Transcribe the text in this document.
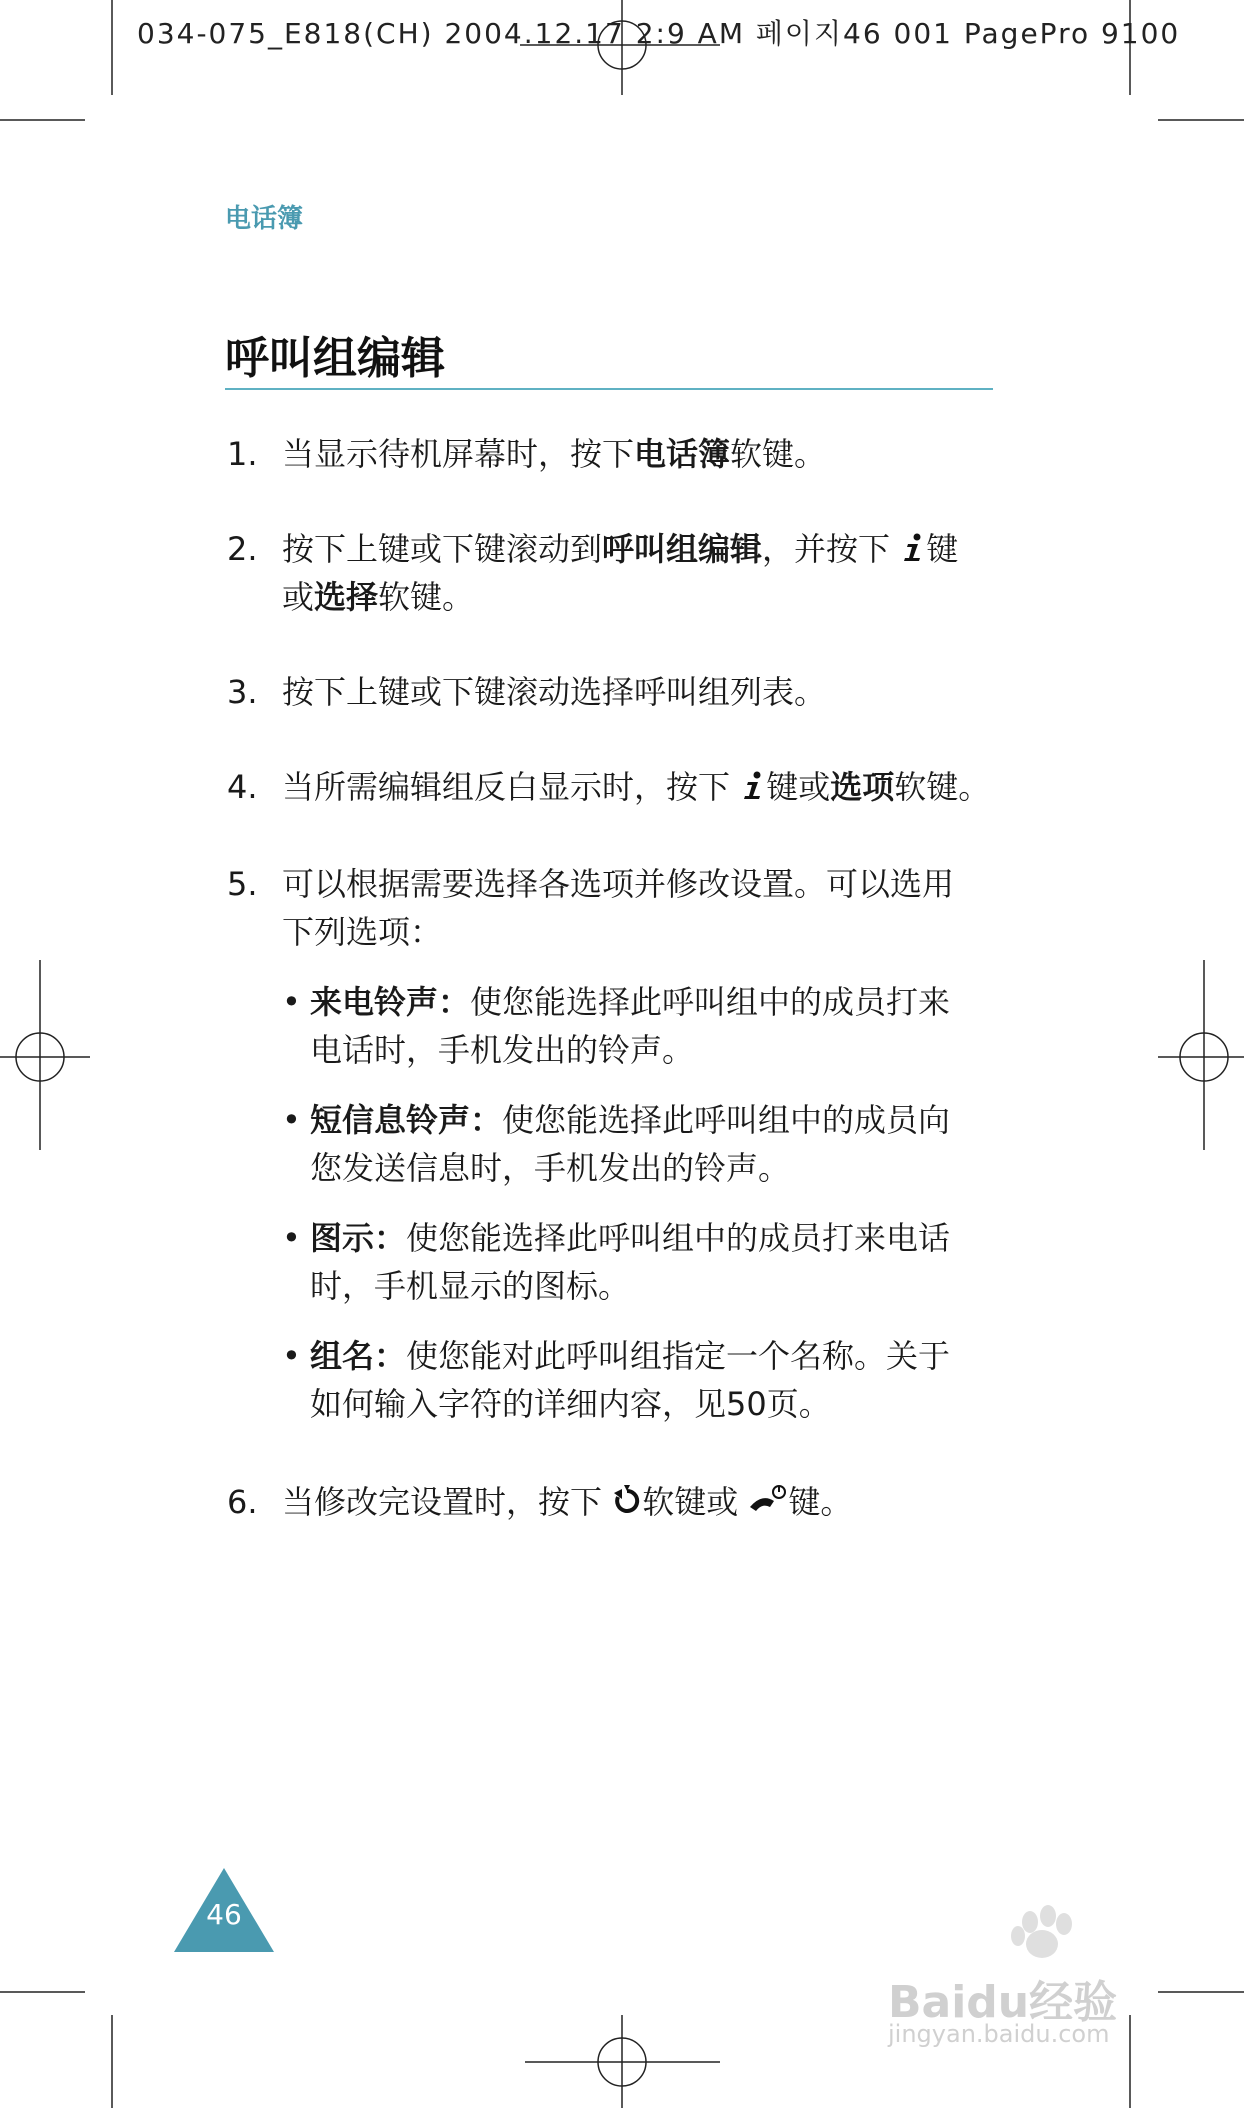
034-075_E818(CH) 2004.12.17 2:9 AM 페이지46 001 PagePro 9100
电话簿
呼叫组编辑
1. 当显示待机屏幕时，按下电话簿软键。
2. 按下上键或下键滚动到呼叫组编辑，并按下 键
或选择软键。
3. 按下上键或下键滚动选择呼叫组列表。
4. 当所需编辑组反白显示时，按下 键或选项软键。
5. 可以根据需要选择各选项并修改设置。可以选用
下列选项：
• 来电铃声：使您能选择此呼叫组中的成员打来
电话时，手机发出的铃声。
• 短信息铃声：使您能选择此呼叫组中的成员向
您发送信息时，手机发出的铃声。
• 图示：使您能选择此呼叫组中的成员打来电话
时，手机显示的图标。
• 组名：使您能对此呼叫组指定一个名称。关于
如何输入字符的详细内容，见50页。
6. 当修改完设置时，按下 软键或 键。
46
Baidu经验
jingyan.baidu.com
